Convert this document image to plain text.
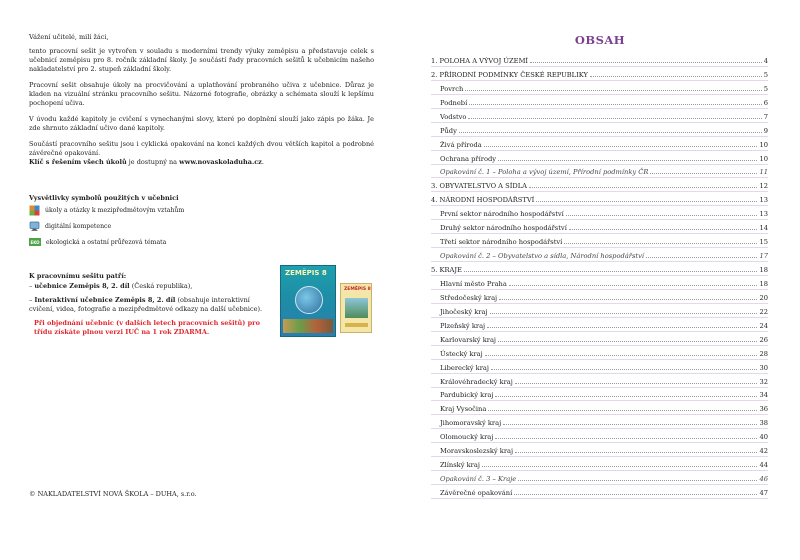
Vážení učitelé, milí žáci,
tento pracovní sešit je vytvořen v souladu s moderními trendy výuky zeměpisu a představuje celek s učebnicí zeměpisu pro 8. ročník základní školy. Je součástí řady pracovních sešitů k učebnicím našeho nakladatelství pro 2. stupeň základní školy.
Pracovní sešit obsahuje úkoly na procvičování a uplatňování probraného učiva z učebnice. Důraz je kladen na vizuální stránku pracovního sešitu. Názorné fotografie, obrázky a schémata slouží k lepšímu pochopení učiva.
V úvodu každé kapitoly je cvičení s vynechanými slovy, které po doplnění slouží jako zápis po žáka. Je zde shrnuto základní učivo dané kapitoly.
Součástí pracovního sešitu jsou i cyklická opakování na konci každých dvou větších kapitol a podrobné závěrečné opakování.
Klíč s řešením všech úkolů je dostupný na www.novaskoladuha.cz.
Vysvětlivky symbolů použitých v učebnici
úkoly a otázky k mezipředmětovým vztahům
digitální kompetence
EKO ekologická a ostatní průřezová témata
K pracovnímu sešitu patří:
– učebnice Zeměpis 8, 2. díl (Česká republika),
– Interaktivní učebnice Zeměpis 8, 2. díl (obsahuje interaktivní cvičení, videa, fotografie a mezipředmětové odkazy na další učebnice).
Při objednání učebnic (v dalších letech pracovních sešitů) pro třídu získáte plnou verzi IUČ na 1 rok ZDARMA.
ZEMĚPIS 8
ZEMĚPIS 8
© NAKLADATELSTVÍ NOVÁ ŠKOLA – DUHA, s.r.o.
OBSAH
1. POLOHA A VÝVOJ ÚZEMÍ	4
2. PŘÍRODNÍ PODMÍNKY ČESKÉ REPUBLIKY	5
Povrch	5
Podnebí	6
Vodstvo	7
Půdy	9
Živá příroda	10
Ochrana přírody	10
Opakování č. 1 – Poloha a vývoj území, Přírodní podmínky ČR	11
3. OBYVATELSTVO A SÍDLA	12
4. NÁRODNÍ HOSPODÁŘSTVÍ	13
První sektor národního hospodářství	13
Druhý sektor národního hospodářství	14
Třetí sektor národního hospodářství	15
Opakování č. 2 – Obyvatelstvo a sídla, Národní hospodářství	17
5. KRAJE	18
Hlavní město Praha	18
Středočeský kraj	20
Jihočeský kraj	22
Plzeňský kraj	24
Karlovarský kraj	26
Ústecký kraj	28
Liberecký kraj	30
Královéhradecký kraj	32
Pardubický kraj	34
Kraj Vysočina	36
Jihomoravský kraj	38
Olomoucký kraj	40
Moravskoslezský kraj	42
Zlínský kraj	44
Opakování č. 3 – Kraje	46
Závěrečné opakování	47
